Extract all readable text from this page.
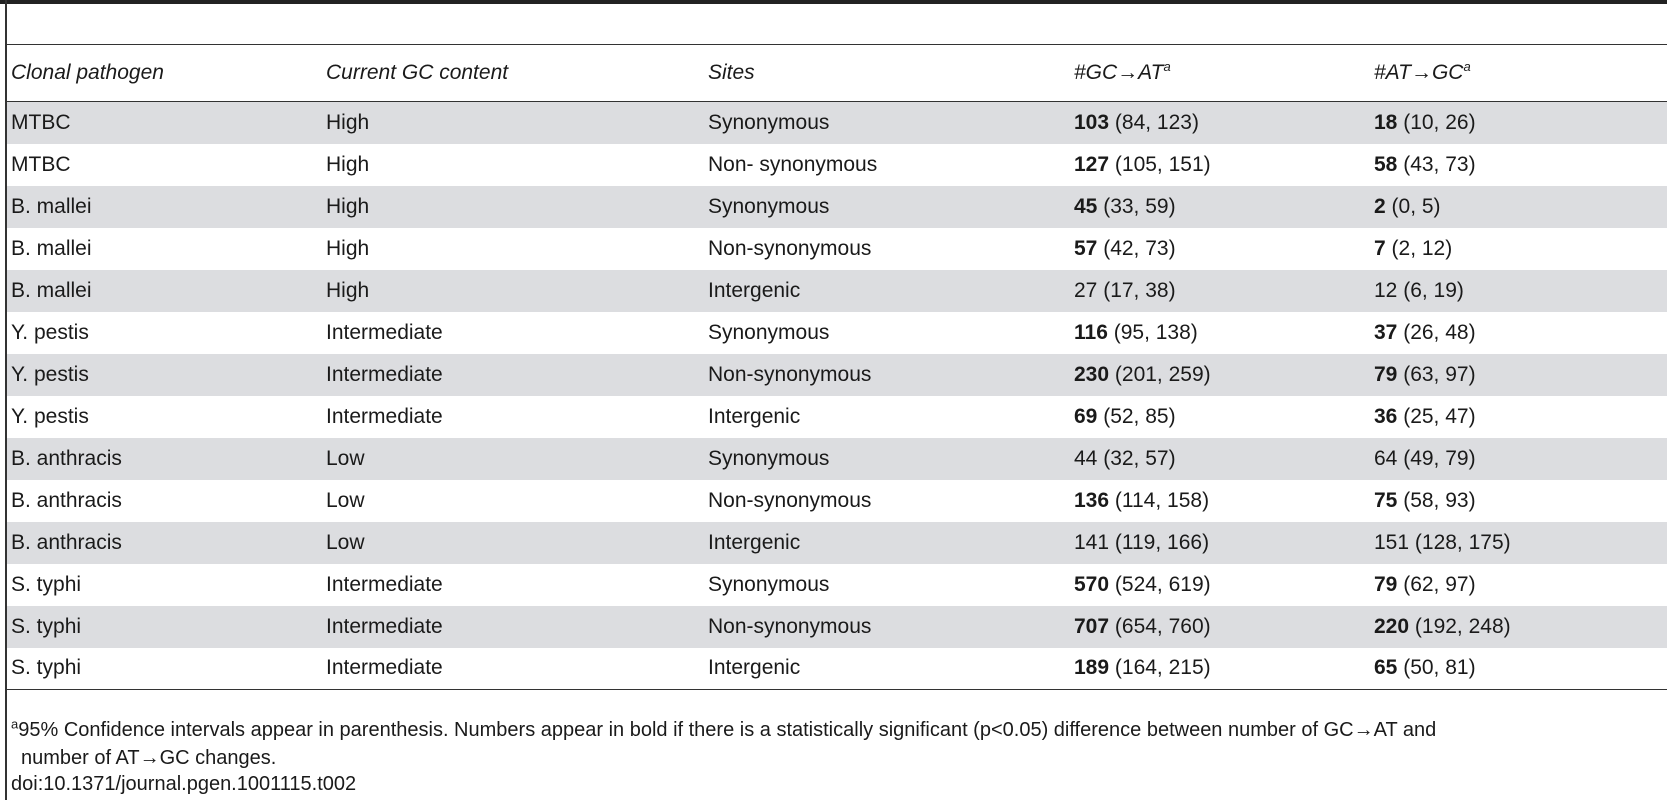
Clonal pathogen	Current GC content	Sites	$\#GC\to AT^a$	$\#AT\to GC^a$
MTBC	High	Synonymous	103 (84, 123)	18 (10, 26)
MTBC	High	Non- synonymous	127 (105, 151)	58 (43, 73)
B. mallei	High	Synonymous	45 (33, 59)	2 (0, 5)
B. mallei	High	Non-synonymous	57 (42, 73)	7 (2, 12)
B. mallei	High	Intergenic	27 (17, 38)	12 (6, 19)
Y. pestis	Intermediate	Synonymous	116 (95, 138)	37 (26, 48)
Y. pestis	Intermediate	Non-synonymous	230 (201, 259)	79 (63, 97)
Y. pestis	Intermediate	Intergenic	69 (52, 85)	36 (25, 47)
B. anthracis	Low	Synonymous	44 (32, 57)	64 (49, 79)
B. anthracis	Low	Non-synonymous	136 (114, 158)	75 (58, 93)
B. anthracis	Low	Intergenic	141 (119, 166)	151 (128, 175)
S. typhi	Intermediate	Synonymous	570 (524, 619)	79 (62, 97)
S. typhi	Intermediate	Non-synonymous	707 (654, 760)	220 (192, 248)
S. typhi	Intermediate	Intergenic	189 (164, 215)	65 (50, 81)
$^a$95% Confidence intervals appear in parenthesis. Numbers appear in bold if there is a statistically significant (p<0.05) difference between number of GC→AT and
number of AT→GC changes.
doi:10.1371/journal.pgen.1001115.t002
